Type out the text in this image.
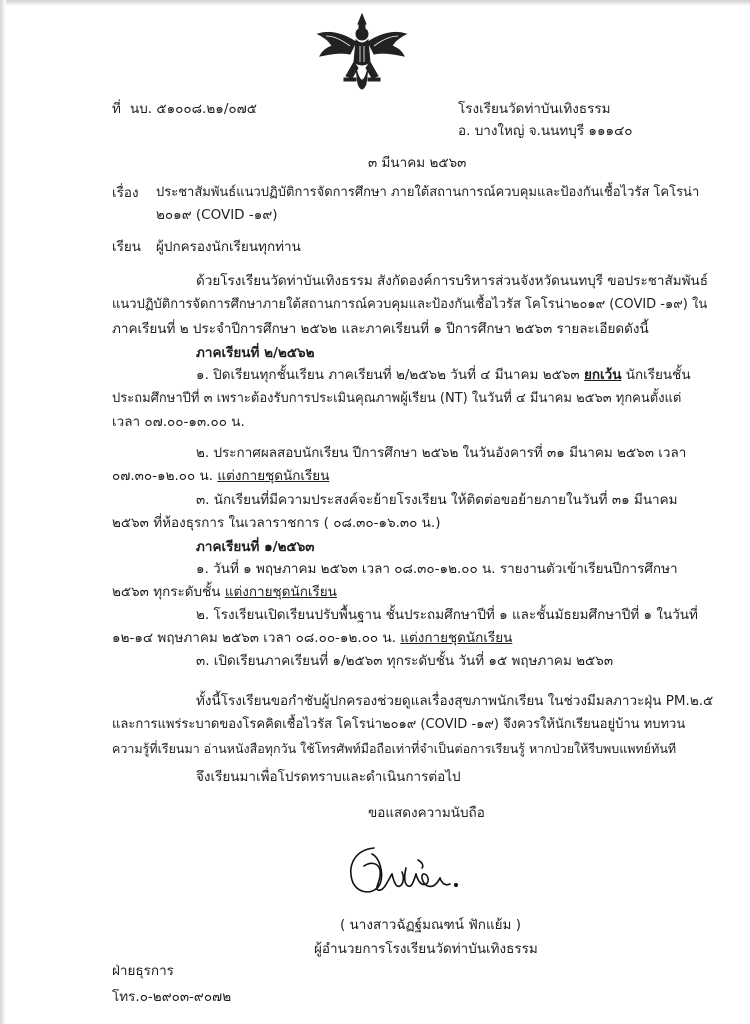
ที่ นบ. ๕๑๐๐๘.๒๑/๐๗๕	โรงเรียนวัดท่าบันเทิงธรรม
อ. บางใหญ่ จ.นนทบุรี ๑๑๑๔๐
๓ มีนาคม ๒๕๖๓
เรื่อง ประชาสัมพันธ์แนวปฏิบัติการจัดการศึกษา ภายใต้สถานการณ์ควบคุมและป้องกันเชื้อไวรัส โคโรน่า
๒๐๑๙ (COVID -๑๙)
เรียน ผู้ปกครองนักเรียนทุกท่าน
ด้วยโรงเรียนวัดท่าบันเทิงธรรม สังกัดองค์การบริหารส่วนจังหวัดนนทบุรี ขอประชาสัมพันธ์
แนวปฏิบัติการจัดการศึกษาภายใต้สถานการณ์ควบคุมและป้องกันเชื้อไวรัส โคโรน่า๒๐๑๙ (COVID -๑๙) ใน
ภาคเรียนที่ ๒ ประจำปีการศึกษา ๒๕๖๒ และภาคเรียนที่ ๑ ปีการศึกษา ๒๕๖๓ รายละเอียดดังนี้
ภาคเรียนที่ ๒/๒๕๖๒
๑. ปิดเรียนทุกชั้นเรียน ภาคเรียนที่ ๒/๒๕๖๒ วันที่ ๔ มีนาคม ๒๕๖๓ ยกเว้น นักเรียนชั้น
ประถมศึกษาปีที่ ๓ เพราะต้องรับการประเมินคุณภาพผู้เรียน (NT) ในวันที่ ๔ มีนาคม ๒๕๖๓ ทุกคนตั้งแต่
เวลา ๐๗.๐๐-๑๓.๐๐ น.
๒. ประกาศผลสอบนักเรียน ปีการศึกษา ๒๕๖๒ ในวันอังคารที่ ๓๑ มีนาคม ๒๕๖๓ เวลา
๐๗.๓๐-๑๒.๐๐ น. แต่งกายชุดนักเรียน
๓. นักเรียนที่มีความประสงค์จะย้ายโรงเรียน ให้ติดต่อขอย้ายภายในวันที่ ๓๑ มีนาคม
๒๕๖๓ ที่ห้องธุรการ ในเวลาราชการ ( ๐๘.๓๐-๑๖.๓๐ น.)
ภาคเรียนที่ ๑/๒๕๖๓
๑. วันที่ ๑ พฤษภาคม ๒๕๖๓ เวลา ๐๘.๓๐-๑๒.๐๐ น. รายงานตัวเข้าเรียนปีการศึกษา
๒๕๖๓ ทุกระดับชั้น แต่งกายชุดนักเรียน
๒. โรงเรียนเปิดเรียนปรับพื้นฐาน ชั้นประถมศึกษาปีที่ ๑ และชั้นมัธยมศึกษาปีที่ ๑ ในวันที่
๑๒-๑๔ พฤษภาคม ๒๕๖๓ เวลา ๐๘.๐๐-๑๒.๐๐ น. แต่งกายชุดนักเรียน
๓. เปิดเรียนภาคเรียนที่ ๑/๒๕๖๓ ทุกระดับชั้น วันที่ ๑๕ พฤษภาคม ๒๕๖๓
ทั้งนี้โรงเรียนขอกำชับผู้ปกครองช่วยดูแลเรื่องสุขภาพนักเรียน ในช่วงมีมลภาวะฝุ่น PM.๒.๕
และการแพร่ระบาดของโรคคิดเชื้อไวรัส โคโรน่า๒๐๑๙ (COVID -๑๙) จึงควรให้นักเรียนอยู่บ้าน ทบทวน
ความรู้ที่เรียนมา อ่านหนังสือทุกวัน ใช้โทรศัพท์มือถือเท่าที่จำเป็นต่อการเรียนรู้ หากป่วยให้รีบพบแพทย์ทันที
จึงเรียนมาเพื่อโปรดทราบและดำเนินการต่อไป
ขอแสดงความนับถือ
( นางสาวฉัฏฐ์มณฑน์ ฟักแย้ม )
ผู้อำนวยการโรงเรียนวัดท่าบันเทิงธรรม
ฝ่ายธุรการ
โทร.๐-๒๙๐๓-๙๐๗๒
